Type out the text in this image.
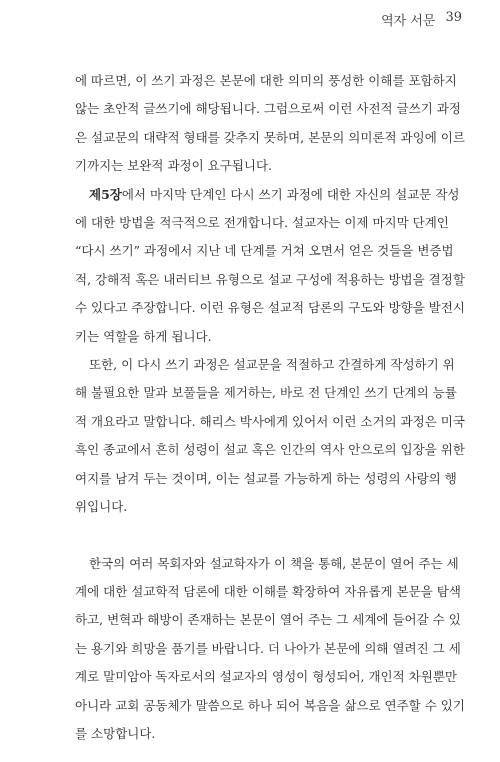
역자 서문 39

에 따르면, 이 쓰기 과정은 본문에 대한 의미의 풍성한 이해를 포함하지
않는 초안적 글쓰기에 해당됩니다. 그럼으로써 이런 사전적 글쓰기 과정
은 설교문의 대략적 형태를 갖추지 못하며, 본문의 의미론적 과잉에 이르
기까지는 보완적 과정이 요구됩니다.

제5장에서 마지막 단계인 다시 쓰기 과정에 대한 자신의 설교문 작성
에 대한 방법을 적극적으로 전개합니다. 설교자는 이제 마지막 단계인
“다시 쓰기” 과정에서 지난 네 단계를 거쳐 오면서 얻은 것들을 변증법
적, 강해적 혹은 내러티브 유형으로 설교 구성에 적용하는 방법을 결정할
수 있다고 주장합니다. 이런 유형은 설교적 담론의 구도와 방향을 발전시
키는 역할을 하게 됩니다.

또한, 이 다시 쓰기 과정은 설교문을 적절하고 간결하게 작성하기 위
해 불필요한 말과 보풀들을 제거하는, 바로 전 단계인 쓰기 단계의 능률
적 개요라고 말합니다. 해리스 박사에게 있어서 이런 소거의 과정은 미국
흑인 종교에서 흔히 성령이 설교 혹은 인간의 역사 안으로의 입장을 위한
여지를 남겨 두는 것이며, 이는 설교를 가능하게 하는 성령의 사랑의 행
위입니다.

한국의 여러 목회자와 설교학자가 이 책을 통해, 본문이 열어 주는 세
계에 대한 설교학적 담론에 대한 이해를 확장하여 자유롭게 본문을 탐색
하고, 변혁과 해방이 존재하는 본문이 열어 주는 그 세계에 들어갈 수 있
는 용기와 희망을 품기를 바랍니다. 더 나아가 본문에 의해 열려진 그 세
계로 말미암아 독자로서의 설교자의 영성이 형성되어, 개인적 차원뿐만
아니라 교회 공동체가 말씀으로 하나 되어 복음을 삶으로 연주할 수 있기
를 소망합니다.
